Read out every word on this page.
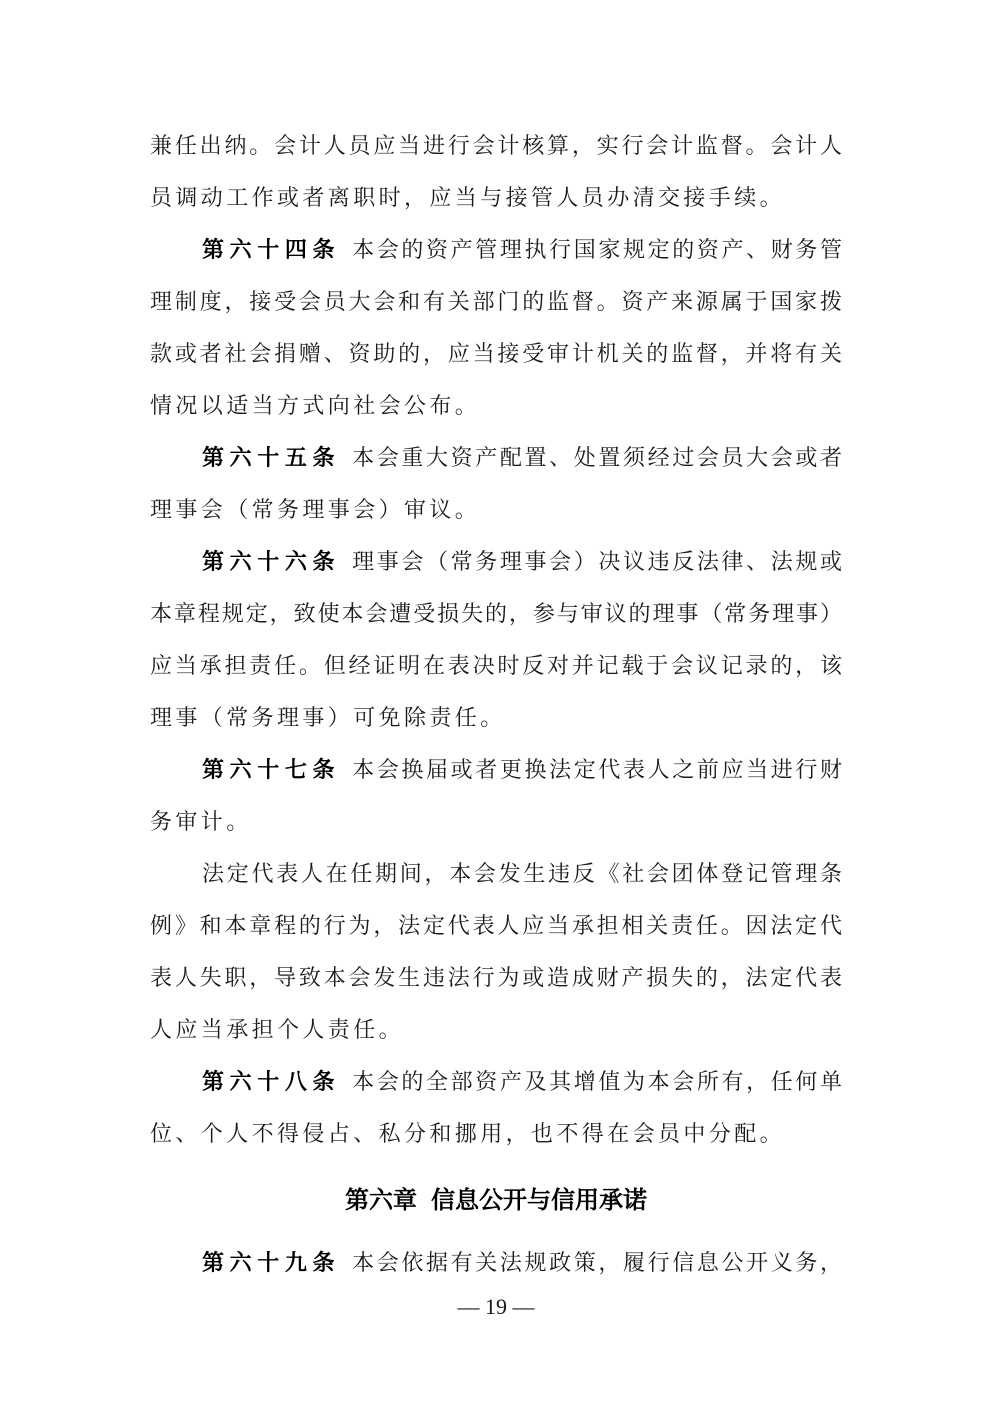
兼任出纳。会计人员应当进行会计核算，实行会计监督。会计人
员调动工作或者离职时，应当与接管人员办清交接手续。
第六十四条 本会的资产管理执行国家规定的资产、财务管
理制度，接受会员大会和有关部门的监督。资产来源属于国家拨
款或者社会捐赠、资助的，应当接受审计机关的监督，并将有关
情况以适当方式向社会公布。
第六十五条 本会重大资产配置、处置须经过会员大会或者
理事会（常务理事会）审议。
第六十六条 理事会（常务理事会）决议违反法律、法规或
本章程规定，致使本会遭受损失的，参与审议的理事（常务理事）
应当承担责任。但经证明在表决时反对并记载于会议记录的，该
理事（常务理事）可免除责任。
第六十七条 本会换届或者更换法定代表人之前应当进行财
务审计。
法定代表人在任期间，本会发生违反《社会团体登记管理条
例》和本章程的行为，法定代表人应当承担相关责任。因法定代
表人失职，导致本会发生违法行为或造成财产损失的，法定代表
人应当承担个人责任。
第六十八条 本会的全部资产及其增值为本会所有，任何单
位、个人不得侵占、私分和挪用，也不得在会员中分配。
第六章 信息公开与信用承诺
第六十九条 本会依据有关法规政策，履行信息公开义务，
— 19 —
